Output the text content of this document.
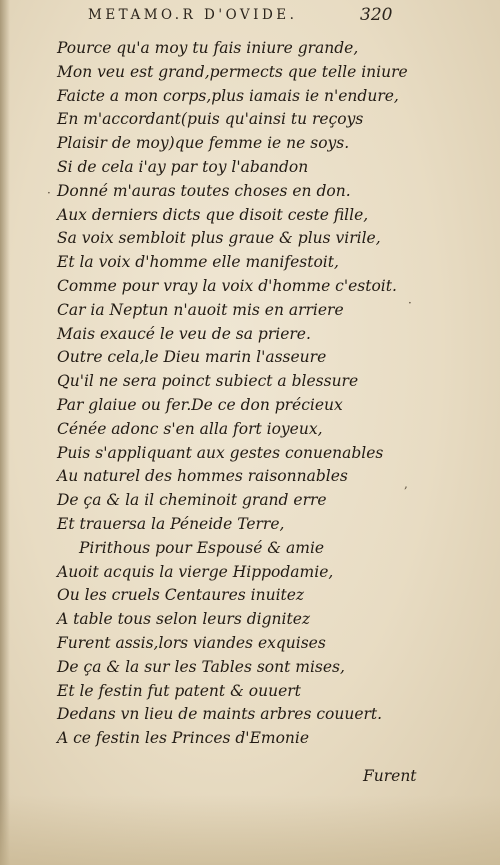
METAMO.R D'OVIDE.	320
Pource qu'a moy tu fais iniure grande,
Mon veu est grand,permects que telle iniure
Faicte a mon corps,plus iamais ie n'endure,
En m'accordant(puis qu'ainsi tu reçoys
Plaisir de moy)que femme ie ne soys.
Si de cela i'ay par toy l'abandon
Donné m'auras toutes choses en don.
Aux derniers dicts que disoit ceste fille,
Sa voix sembloit plus graue & plus virile,
Et la voix d'homme elle manifestoit,
Comme pour vray la voix d'homme c'estoit.
Car ia Neptun n'auoit mis en arriere
Mais exaucé le veu de sa priere.
Outre cela,le Dieu marin l'asseure
Qu'il ne sera poinct subiect a blessure
Par glaiue ou fer.De ce don précieux
Cénée adonc s'en alla fort ioyeux,
Puis s'appliquant aux gestes conuenables
Au naturel des hommes raisonnables
De ça & la il cheminoit grand erre
Et trauersa la Péneide Terre,
Pirithous pour Espousé & amie
Auoit acquis la vierge Hippodamie,
Ou les cruels Centaures inuitez
A table tous selon leurs dignitez
Furent assis,lors viandes exquises
De ça & la sur les Tables sont mises,
Et le festin fut patent & ouuert
Dedans vn lieu de maints arbres couuert.
A ce festin les Princes d'Emonie
·
,
·
Furent
